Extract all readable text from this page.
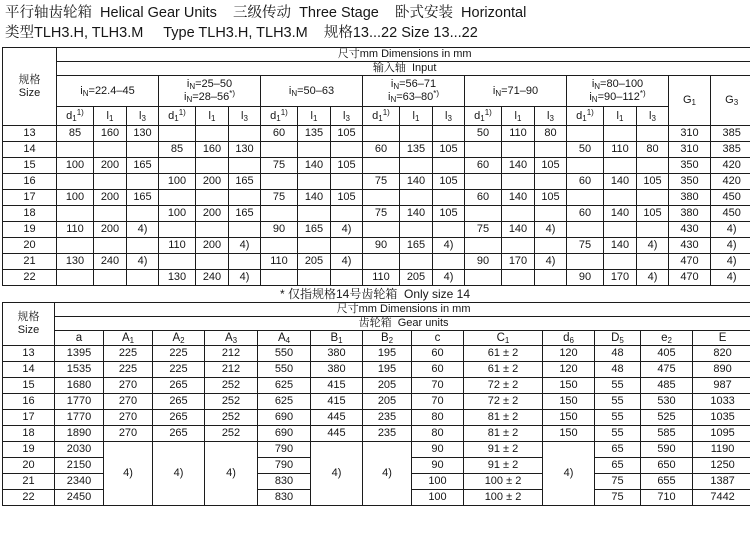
平行轴齿轮箱  Helical Gear Units    三级传动  Three Stage    卧式安装  Horizontal
类型TLH3.H, TLH3.M     Type TLH3.H, TLH3.M    规格13...22 Size 13...22
规格
Size	尺寸mm Dimensions in mm																			
	输入轴  Input																			
	$i_N=22.4-45$			$i_N=25-50$
$i_N=28-56^{*)}$			$i_N=50-63$			$i_N=56-71$
$i_N=63-80^{*)}$			$i_N=71-90$			$i_N=80-100$
$i_N=90-112^{*)}$			$G_1$	$G_3$
	$d_1^{1)}$	$l_1$	$l_3$	$d_1^{1)}$	$l_1$	$l_3$	$d_1^{1)}$	$l_1$	$l_3$	$d_1^{1)}$	$l_1$	$l_3$	$d_1^{1)}$	$l_1$	$l_3$	$d_1^{1)}$	$l_1$	$l_3$
13	85	160	130				60	135	105				50	110	80				310	385
14				85	160	130				60	135	105				50	110	80	310	385
15	100	200	165				75	140	105				60	140	105				350	420
16				100	200	165				75	140	105				60	140	105	350	420
17	100	200	165				75	140	105				60	140	105				380	450
18				100	200	165				75	140	105				60	140	105	380	450
19	110	200	4)				90	165	4)				75	140	4)				430	4)
20				110	200	4)				90	165	4)				75	140	4)	430	4)
21	130	240	4)				110	205	4)				90	170	4)				470	4)
22				130	240	4)				110	205	4)				90	170	4)	470	4)
* 仅指规格14号齿轮箱  Only size 14
规格
Size	尺寸mm Dimensions in mm												
	齿轮箱  Gear units												
	a	$A_1$	$A_2$	$A_3$	$A_4$	$B_1$	$B_2$	c	$C_1$	$d_6$	$D_5$	$e_2$	E
13	1395	225	225	212	550	380	195	60	61 ± 2	120	48	405	820
14	1535	225	225	212	550	380	195	60	61 ± 2	120	48	475	890
15	1680	270	265	252	625	415	205	70	72 ± 2	150	55	485	987
16	1770	270	265	252	625	415	205	70	72 ± 2	150	55	530	1033
17	1770	270	265	252	690	445	235	80	81 ± 2	150	55	525	1035
18	1890	270	265	252	690	445	235	80	81 ± 2	150	55	585	1095
19	2030	4)	4)	4)	790	4)	4)	90	91 ± 2	4)	65	590	1190
20	2150				790			90	91 ± 2		65	650	1250
21	2340				830			100	100 ± 2		75	655	1387
22	2450				830			100	100 ± 2		75	710	7442
